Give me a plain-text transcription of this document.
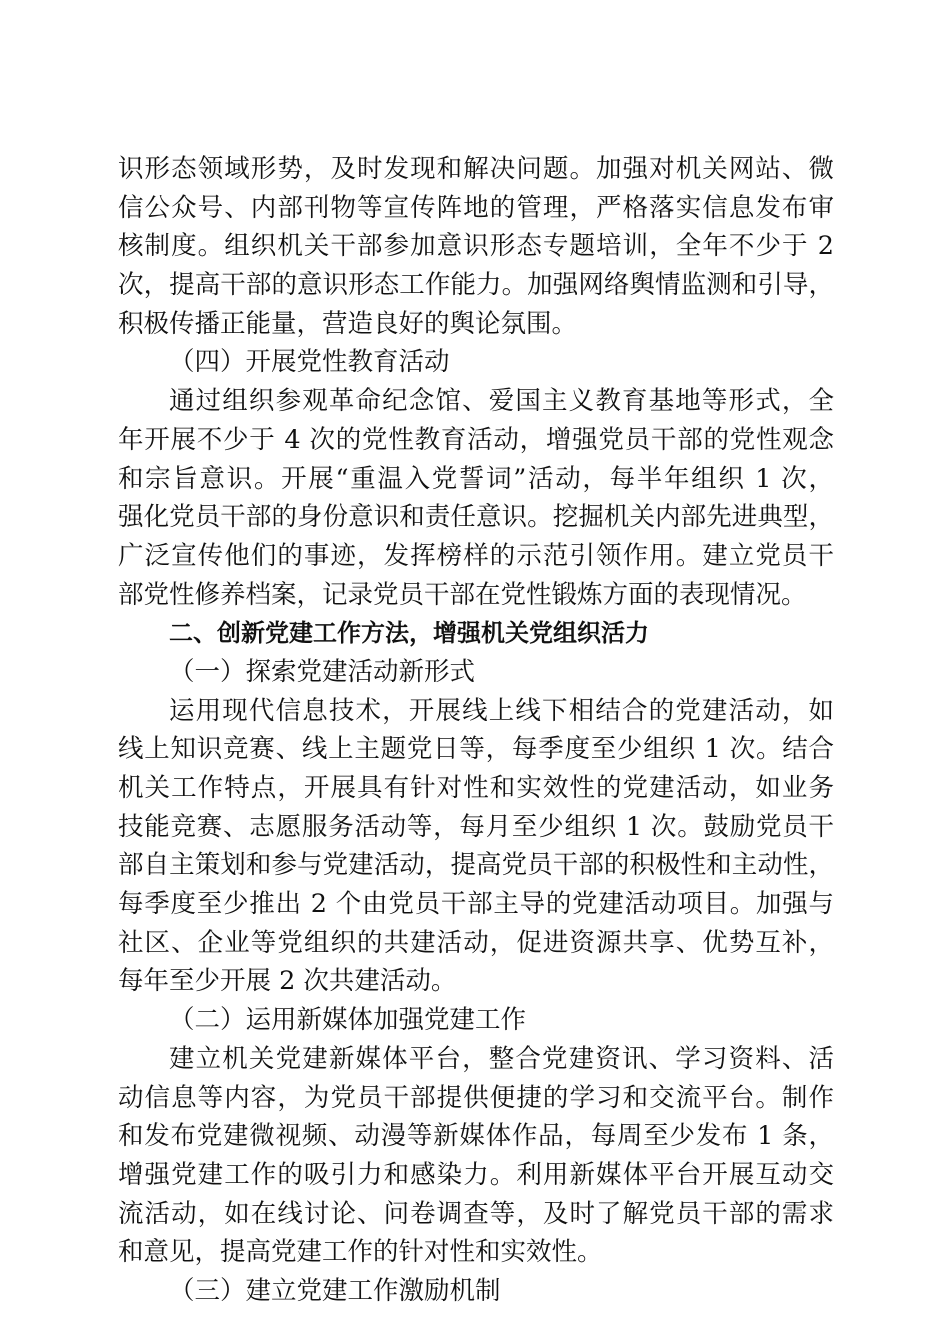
识形态领域形势，及时发现和解决问题。加强对机关网站、微
信公众号、内部刊物等宣传阵地的管理，严格落实信息发布审
核制度。组织机关干部参加意识形态专题培训，全年不少于 2
次，提高干部的意识形态工作能力。加强网络舆情监测和引导，
积极传播正能量，营造良好的舆论氛围。
（四）开展党性教育活动
通过组织参观革命纪念馆、爱国主义教育基地等形式，全
年开展不少于 4 次的党性教育活动，增强党员干部的党性观念
和宗旨意识。开展“重温入党誓词”活动，每半年组织 1 次，
强化党员干部的身份意识和责任意识。挖掘机关内部先进典型，
广泛宣传他们的事迹，发挥榜样的示范引领作用。建立党员干
部党性修养档案，记录党员干部在党性锻炼方面的表现情况。
二、创新党建工作方法，增强机关党组织活力
（一）探索党建活动新形式
运用现代信息技术，开展线上线下相结合的党建活动，如
线上知识竞赛、线上主题党日等，每季度至少组织 1 次。结合
机关工作特点，开展具有针对性和实效性的党建活动，如业务
技能竞赛、志愿服务活动等，每月至少组织 1 次。鼓励党员干
部自主策划和参与党建活动，提高党员干部的积极性和主动性，
每季度至少推出 2 个由党员干部主导的党建活动项目。加强与
社区、企业等党组织的共建活动，促进资源共享、优势互补，
每年至少开展 2 次共建活动。
（二）运用新媒体加强党建工作
建立机关党建新媒体平台，整合党建资讯、学习资料、活
动信息等内容，为党员干部提供便捷的学习和交流平台。制作
和发布党建微视频、动漫等新媒体作品，每周至少发布 1 条，
增强党建工作的吸引力和感染力。利用新媒体平台开展互动交
流活动，如在线讨论、问卷调查等，及时了解党员干部的需求
和意见，提高党建工作的针对性和实效性。
（三）建立党建工作激励机制
